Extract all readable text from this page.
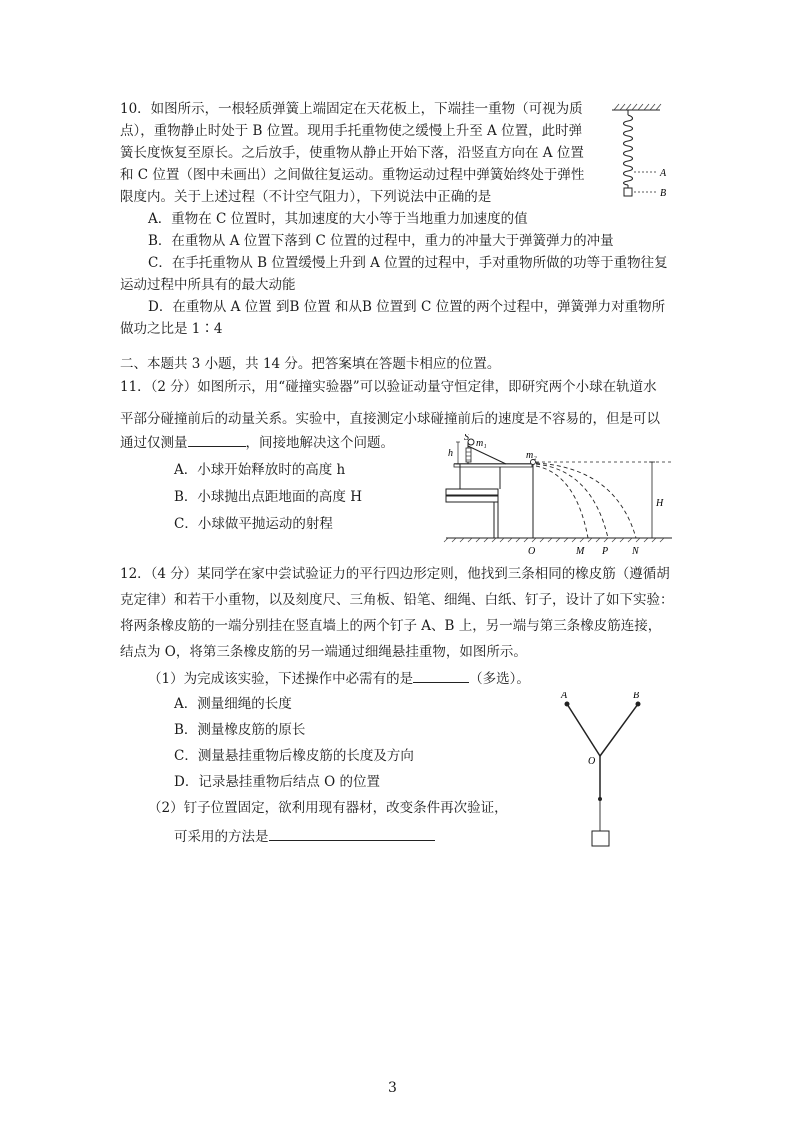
10．如图所示，一根轻质弹簧上端固定在天花板上，下端挂一重物（可视为质
点），重物静止时处于 B 位置。现用手托重物使之缓慢上升至 A 位置，此时弹
簧长度恢复至原长。之后放手，使重物从静止开始下落，沿竖直方向在 A 位置
和 C 位置（图中未画出）之间做往复运动。重物运动过程中弹簧始终处于弹性
限度内。关于上述过程（不计空气阻力），下列说法中正确的是
A．重物在 C 位置时，其加速度的大小等于当地重力加速度的值
B．在重物从 A 位置下落到 C 位置的过程中，重力的冲量大于弹簧弹力的冲量
C．在手托重物从 B 位置缓慢上升到 A 位置的过程中，手对重物所做的功等于重物往复
运动过程中所具有的最大动能
D．在重物从 A 位置 到B 位置 和从B 位置到 C 位置的两个过程中，弹簧弹力对重物所
做功之比是 1∶4
A
B
二、本题共 3 小题，共 14 分。把答案填在答题卡相应的位置。
11．（2 分）如图所示，用“碰撞实验器”可以验证动量守恒定律，即研究两个小球在轨道水
平部分碰撞前后的动量关系。实验中，直接测定小球碰撞前后的速度是不容易的，但是可以
通过仅测量	，间接地解决这个问题。
A．小球开始释放时的高度 h
B．小球抛出点距地面的高度 H
C．小球做平抛运动的射程
S
m₁
m₂
h
H
O	M P N
12．（4 分）某同学在家中尝试验证力的平行四边形定则，他找到三条相同的橡皮筋（遵循胡
克定律）和若干小重物，以及刻度尺、三角板、铅笔、细绳、白纸、钉子，设计了如下实验：
将两条橡皮筋的一端分别挂在竖直墙上的两个钉子 A、B 上，另一端与第三条橡皮筋连接，
结点为 O，将第三条橡皮筋的另一端通过细绳悬挂重物，如图所示。
（1）为完成该实验，下述操作中必需有的是	（多选）。
A．测量细绳的长度
B．测量橡皮筋的原长
C．测量悬挂重物后橡皮筋的长度及方向
D．记录悬挂重物后结点 O 的位置
（2）钉子位置固定，欲利用现有器材，改变条件再次验证，
可采用的方法是
A	B
O
3
